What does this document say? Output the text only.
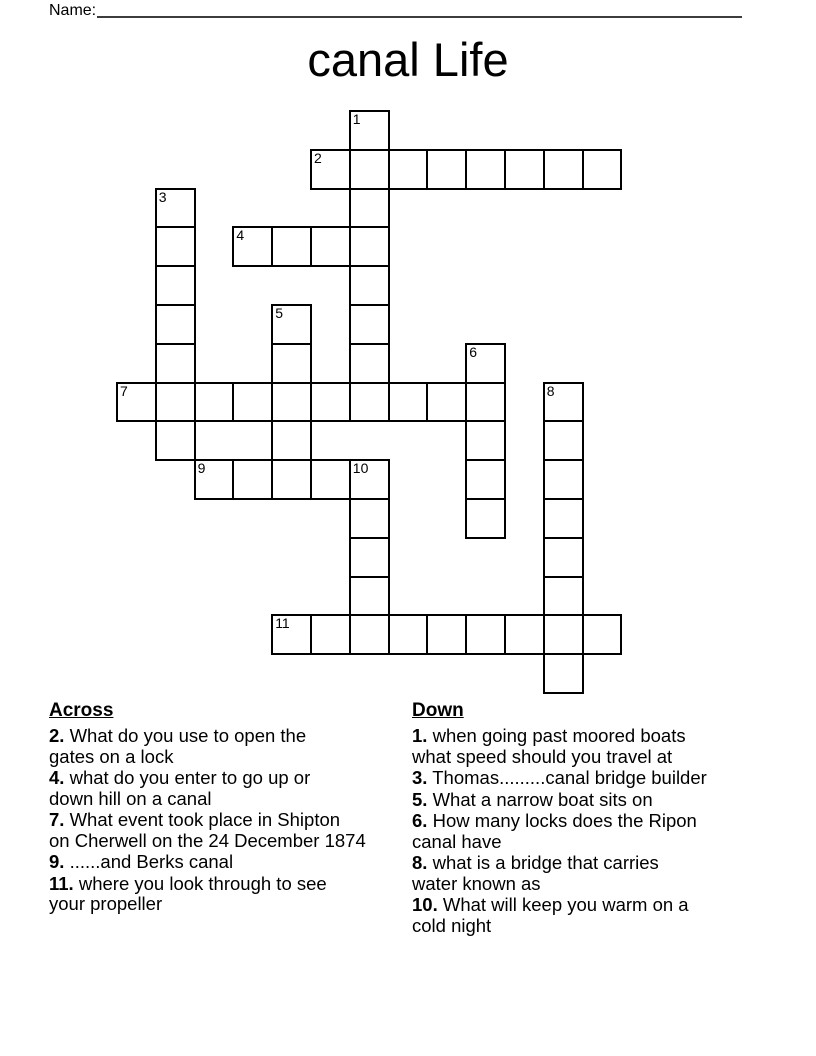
Name:
canal Life
1
2
3
4
5
6
7	8
9	10
11
Across
2. What do you use to open the
gates on a lock
4. what do you enter to go up or
down hill on a canal
7. What event took place in Shipton
on Cherwell on the 24 December 1874
9. ......and Berks canal
11. where you look through to see
your propeller
Down
1. when going past moored boats
what speed should you travel at
3. Thomas.........canal bridge builder
5. What a narrow boat sits on
6. How many locks does the Ripon
canal have
8. what is a bridge that carries
water known as
10. What will keep you warm on a
cold night
